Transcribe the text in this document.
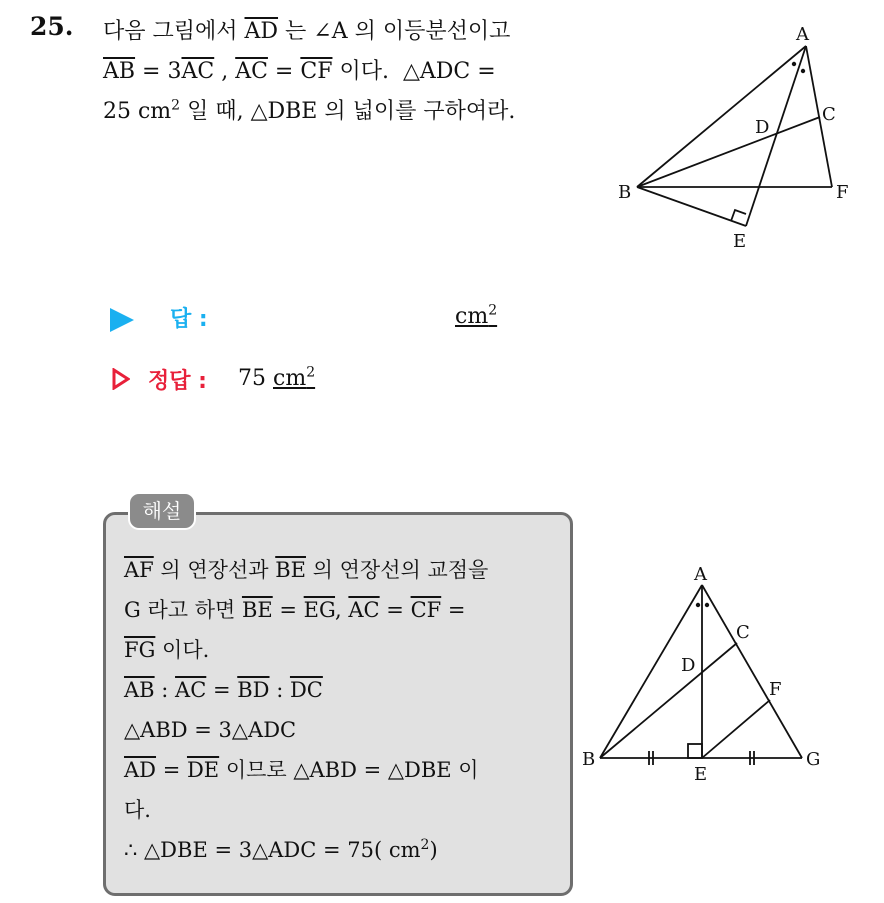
25. 다음 그림에서 $\overline{AD}$ 는 ∠A 의 이등분선이고
$\overline{AB} = 3\overline{AC}$ , $\overline{AC} = \overline{CF}$ 이다.  △ADC =
25 $cm^2$ 일 때, △DBE 의 넓이를 구하여라.
A
B
C
D
E
F
답 :	$cm^2$
정답 : 75 $cm^2$
해설
$\overline{AF}$ 의 연장선과 $\overline{BE}$ 의 연장선의 교점을
G 라고 하면 $\overline{BE} = \overline{EG}$, $\overline{AC} = \overline{CF}$ =
$\overline{FG}$ 이다.
$\overline{AB}$ : $\overline{AC} = \overline{BD}$ : $\overline{DC}$
△ABD = 3△ADC
$\overline{AD} = \overline{DE}$ 이므로 △ABD = △DBE 이
다.
∴ △DBE = 3△ADC = 75( $cm^2$)
A
B
C
D
E
F
G
